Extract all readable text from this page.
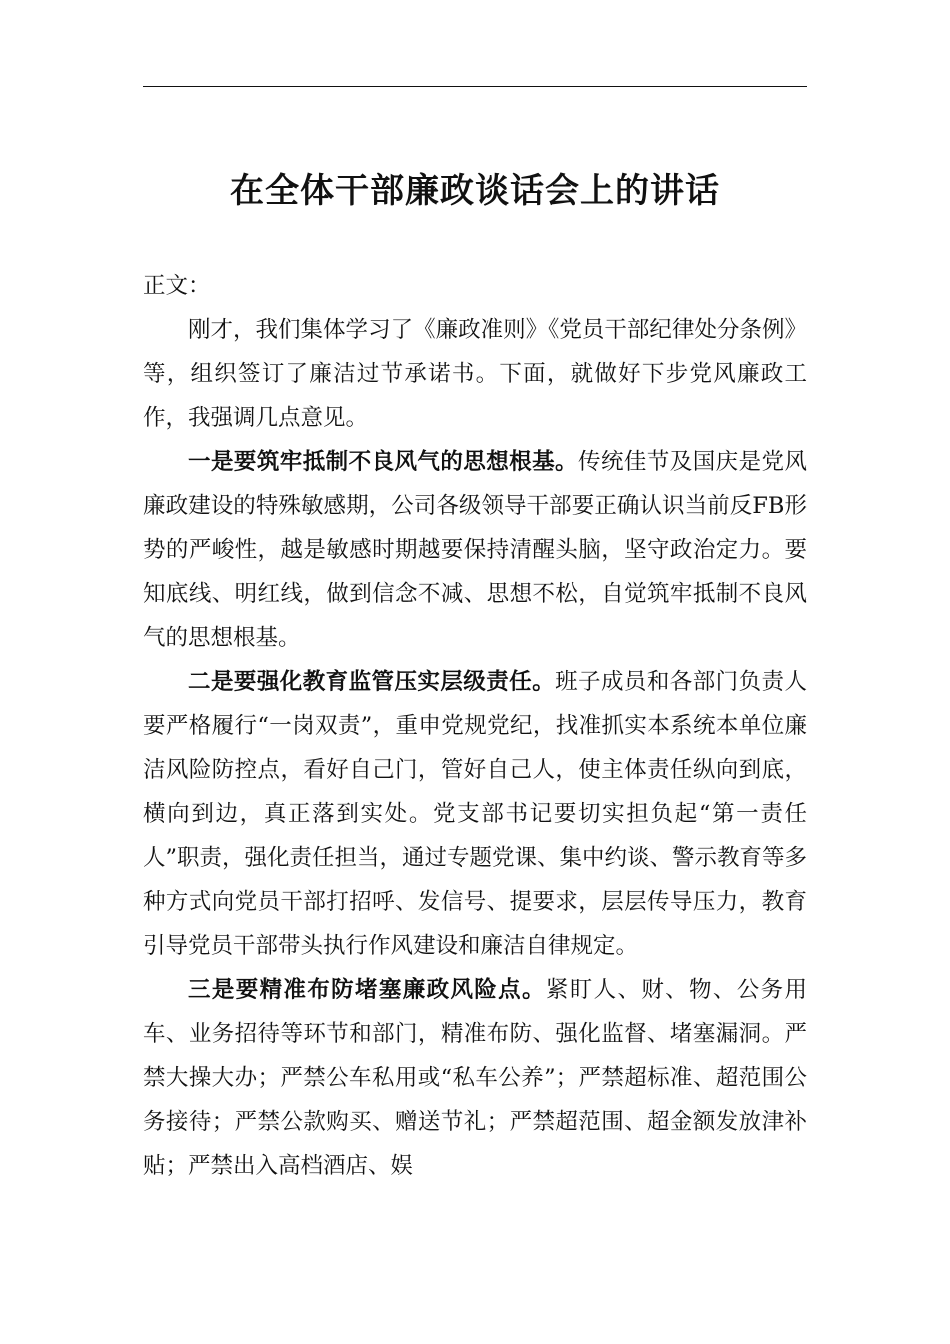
在全体干部廉政谈话会上的讲话

正文：

刚才，我们集体学习了《廉政准则》《党员干部纪律处分条例》等，组织签订了廉洁过节承诺书。下面，就做好下步党风廉政工作，我强调几点意见。

一是要筑牢抵制不良风气的思想根基。传统佳节及国庆是党风廉政建设的特殊敏感期，公司各级领导干部要正确认识当前反FB形势的严峻性，越是敏感时期越要保持清醒头脑，坚守政治定力。要知底线、明红线，做到信念不减、思想不松，自觉筑牢抵制不良风气的思想根基。

二是要强化教育监管压实层级责任。班子成员和各部门负责人要严格履行“一岗双责”，重申党规党纪，找准抓实本系统本单位廉洁风险防控点，看好自己门，管好自己人，使主体责任纵向到底，横向到边，真正落到实处。党支部书记要切实担负起“第一责任人”职责，强化责任担当，通过专题党课、集中约谈、警示教育等多种方式向党员干部打招呼、发信号、提要求，层层传导压力，教育引导党员干部带头执行作风建设和廉洁自律规定。

三是要精准布防堵塞廉政风险点。紧盯人、财、物、公务用车、业务招待等环节和部门，精准布防、强化监督、堵塞漏洞。严禁大操大办；严禁公车私用或“私车公养”；严禁超标准、超范围公务接待；严禁公款购买、赠送节礼；严禁超范围、超金额发放津补贴；严禁出入高档酒店、娱
